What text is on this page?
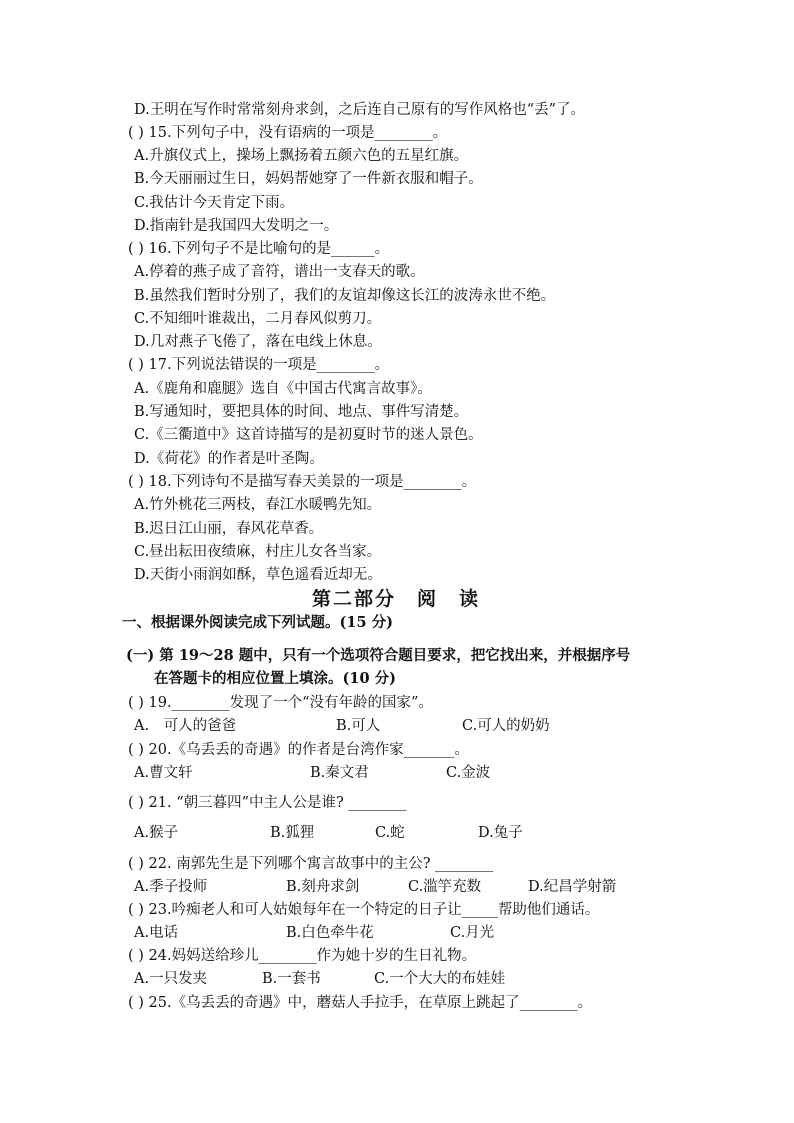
D.王明在写作时常常刻舟求剑，之后连自己原有的写作风格也“丢”了。
( ) 15.下列句子中，没有语病的一项是________。
A.升旗仪式上，操场上飘扬着五颜六色的五星红旗。
B.今天丽丽过生日，妈妈帮她穿了一件新衣服和帽子。
C.我估计今天肯定下雨。
D.指南针是我国四大发明之一。
( ) 16.下列句子不是比喻句的是______。
A.停着的燕子成了音符，谱出一支春天的歌。
B.虽然我们暂时分别了，我们的友谊却像这长江的波涛永世不绝。
C.不知细叶谁裁出，二月春风似剪刀。
D.几对燕子飞倦了，落在电线上休息。
( ) 17.下列说法错误的一项是________。
A.《鹿角和鹿腿》选自《中国古代寓言故事》。
B.写通知时，要把具体的时间、地点、事件写清楚。
C.《三衢道中》这首诗描写的是初夏时节的迷人景色。
D.《荷花》的作者是叶圣陶。
( ) 18.下列诗句不是描写春天美景的一项是________。
A.竹外桃花三两枝，春江水暖鸭先知。
B.迟日江山丽，春风花草香。
C.昼出耘田夜绩麻，村庄儿女各当家。
D.天街小雨润如酥，草色遥看近却无。
第二部分　阅　读
一、根据课外阅读完成下列试题。(15 分)
(一) 第 19～28 题中，只有一个选项符合题目要求，把它找出来，并根据序号
在答题卡的相应位置上填涂。(10 分)
( ) 19.________发现了一个“没有年龄的国家”。
A.　可人的爸爸	B.可人	C.可人的奶奶
( ) 20.《乌丢丢的奇遇》的作者是台湾作家_______。
A.曹文轩	B.秦文君	C.金波
( ) 21. “朝三暮四”中主人公是谁? ________
A.猴子	B.狐狸	C.蛇	D.兔子
( ) 22. 南郭先生是下列哪个寓言故事中的主公? ________
A.季子投师	B.刻舟求剑	C.滥竽充数	D.纪昌学射箭
( ) 23.吟痴老人和可人姑娘每年在一个特定的日子让_____帮助他们通话。
A.电话	B.白色牵牛花	C.月光
( ) 24.妈妈送给珍儿________作为她十岁的生日礼物。
A.一只发夹	B.一套书	C.一个大大的布娃娃
( ) 25.《乌丢丢的奇遇》中，蘑菇人手拉手，在草原上跳起了________。
